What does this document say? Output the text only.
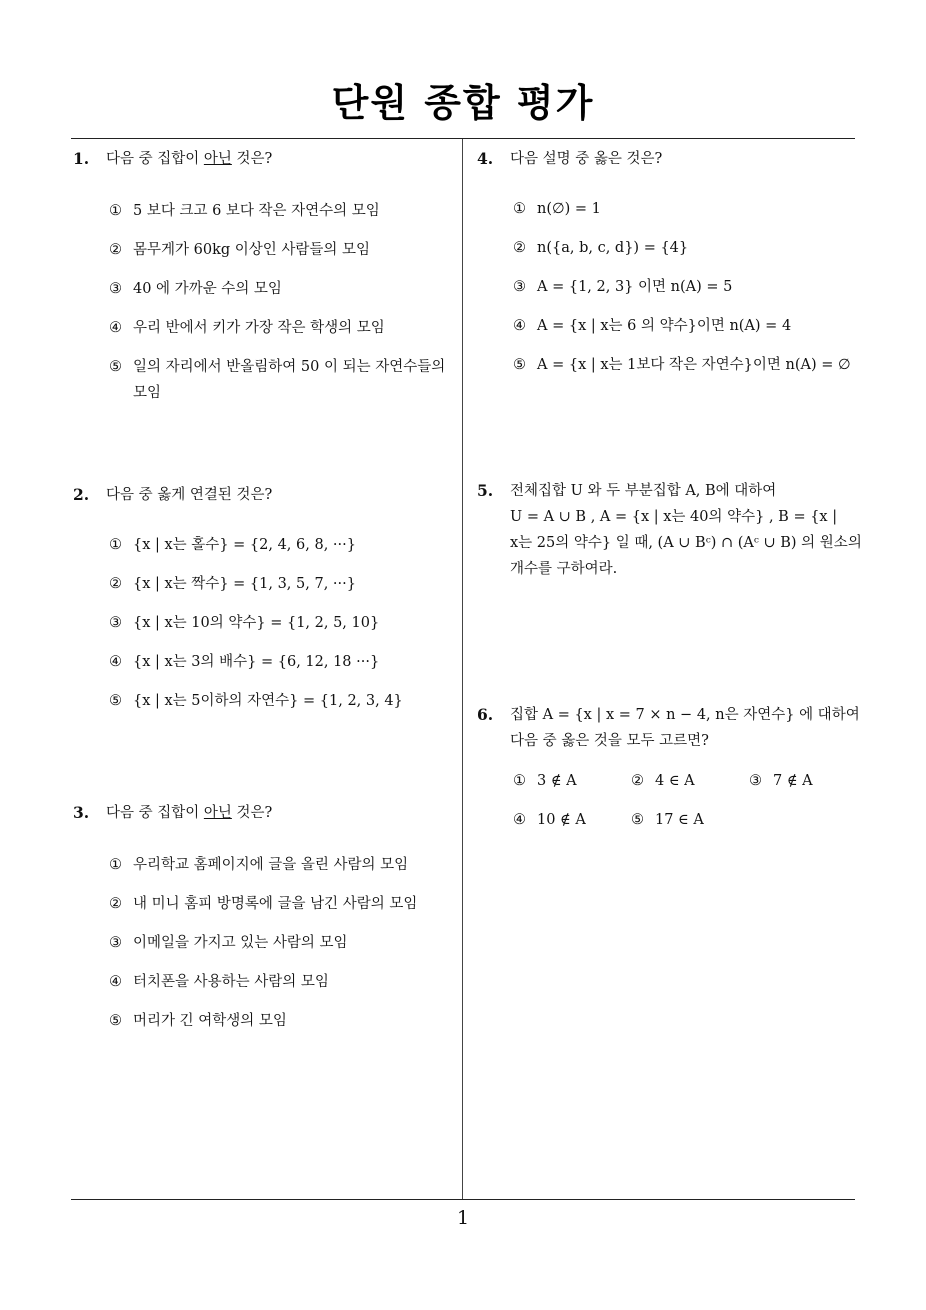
단원 종합 평가
1
1. 다음 중 집합이 아닌 것은?
① 5 보다 크고 6 보다 작은 자연수의 모임
② 몸무게가 60kg 이상인 사람들의 모임
③ 40 에 가까운 수의 모임
④ 우리 반에서 키가 가장 작은 학생의 모임
⑤ 일의 자리에서 반올림하여 50 이 되는 자연수들의 모임
2. 다음 중 옳게 연결된 것은?
① {x | x는 홀수} = {2, 4, 6, 8, ···}
② {x | x는 짝수} = {1, 3, 5, 7, ···}
③ {x | x는 10의 약수} = {1, 2, 5, 10}
④ {x | x는 3의 배수} = {6, 12, 18 ···}
⑤ {x | x는 5이하의 자연수} = {1, 2, 3, 4}
3. 다음 중 집합이 아닌 것은?
① 우리학교 홈페이지에 글을 올린 사람의 모임
② 내 미니 홈피 방명록에 글을 남긴 사람의 모임
③ 이메일을 가지고 있는 사람의 모임
④ 터치폰을 사용하는 사람의 모임
⑤ 머리가 긴 여학생의 모임
4. 다음 설명 중 옳은 것은?
① n(∅) = 1
② n({a, b, c, d}) = {4}
③ A = {1, 2, 3} 이면 n(A) = 5
④ A = {x | x는 6 의 약수}이면 n(A) = 4
⑤ A = {x | x는 1보다 작은 자연수}이면 n(A) = ∅
5. 전체집합 U 와 두 부분집합 A, B에 대하여
U = A ∪ B , A = {x | x는 40의 약수} , B = {x |
x는 25의 약수} 일 때, (A ∪ Bᶜ) ∩ (Aᶜ ∪ B) 의 원소의
개수를 구하여라.
6. 집합 A = {x | x = 7 × n − 4, n은 자연수} 에 대하여
다음 중 옳은 것을 모두 고르면?
① 3 ∉ A	② 4 ∈ A	③ 7 ∉ A
④ 10 ∉ A	⑤ 17 ∈ A
